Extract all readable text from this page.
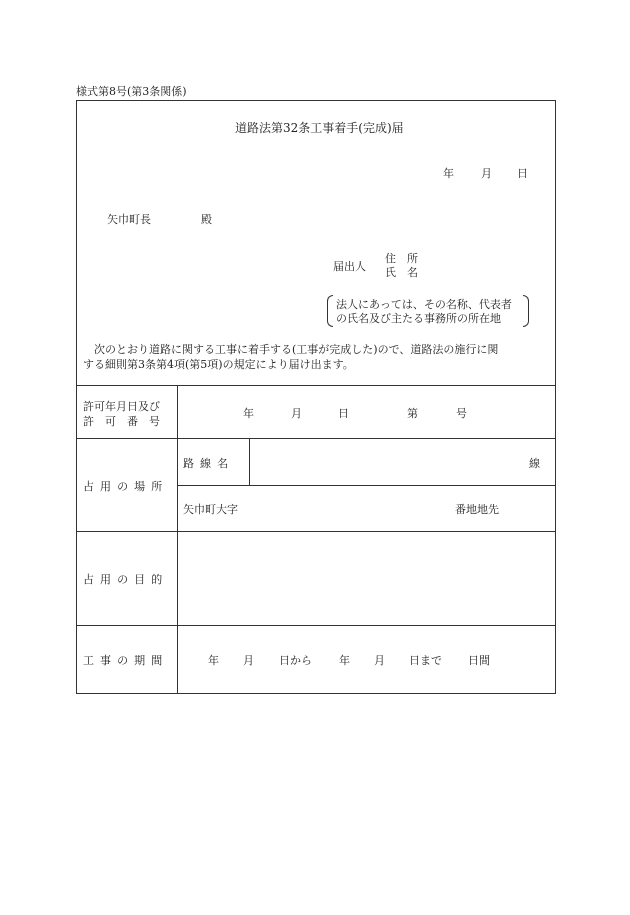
様式第8号(第3条関係)
道路法第32条工事着手(完成)届
年 月 日
矢巾町長	殿
届出人
住　所
氏　名
法人にあっては、その名称、代表者
の氏名及び主たる事務所の所在地
次のとおり道路に関する工事に着手する(工事が完成した)ので、道路法の施行に関
する細則第3条第4項(第5項)の規定により届け出ます。
許可年月日及び
許　可　番　号
年	月	日	第	号
占用の場所
路線名	線
矢巾町大字	番地地先
占用の目的
工事の期間	年 月 日から 年 月 日まで 日間
